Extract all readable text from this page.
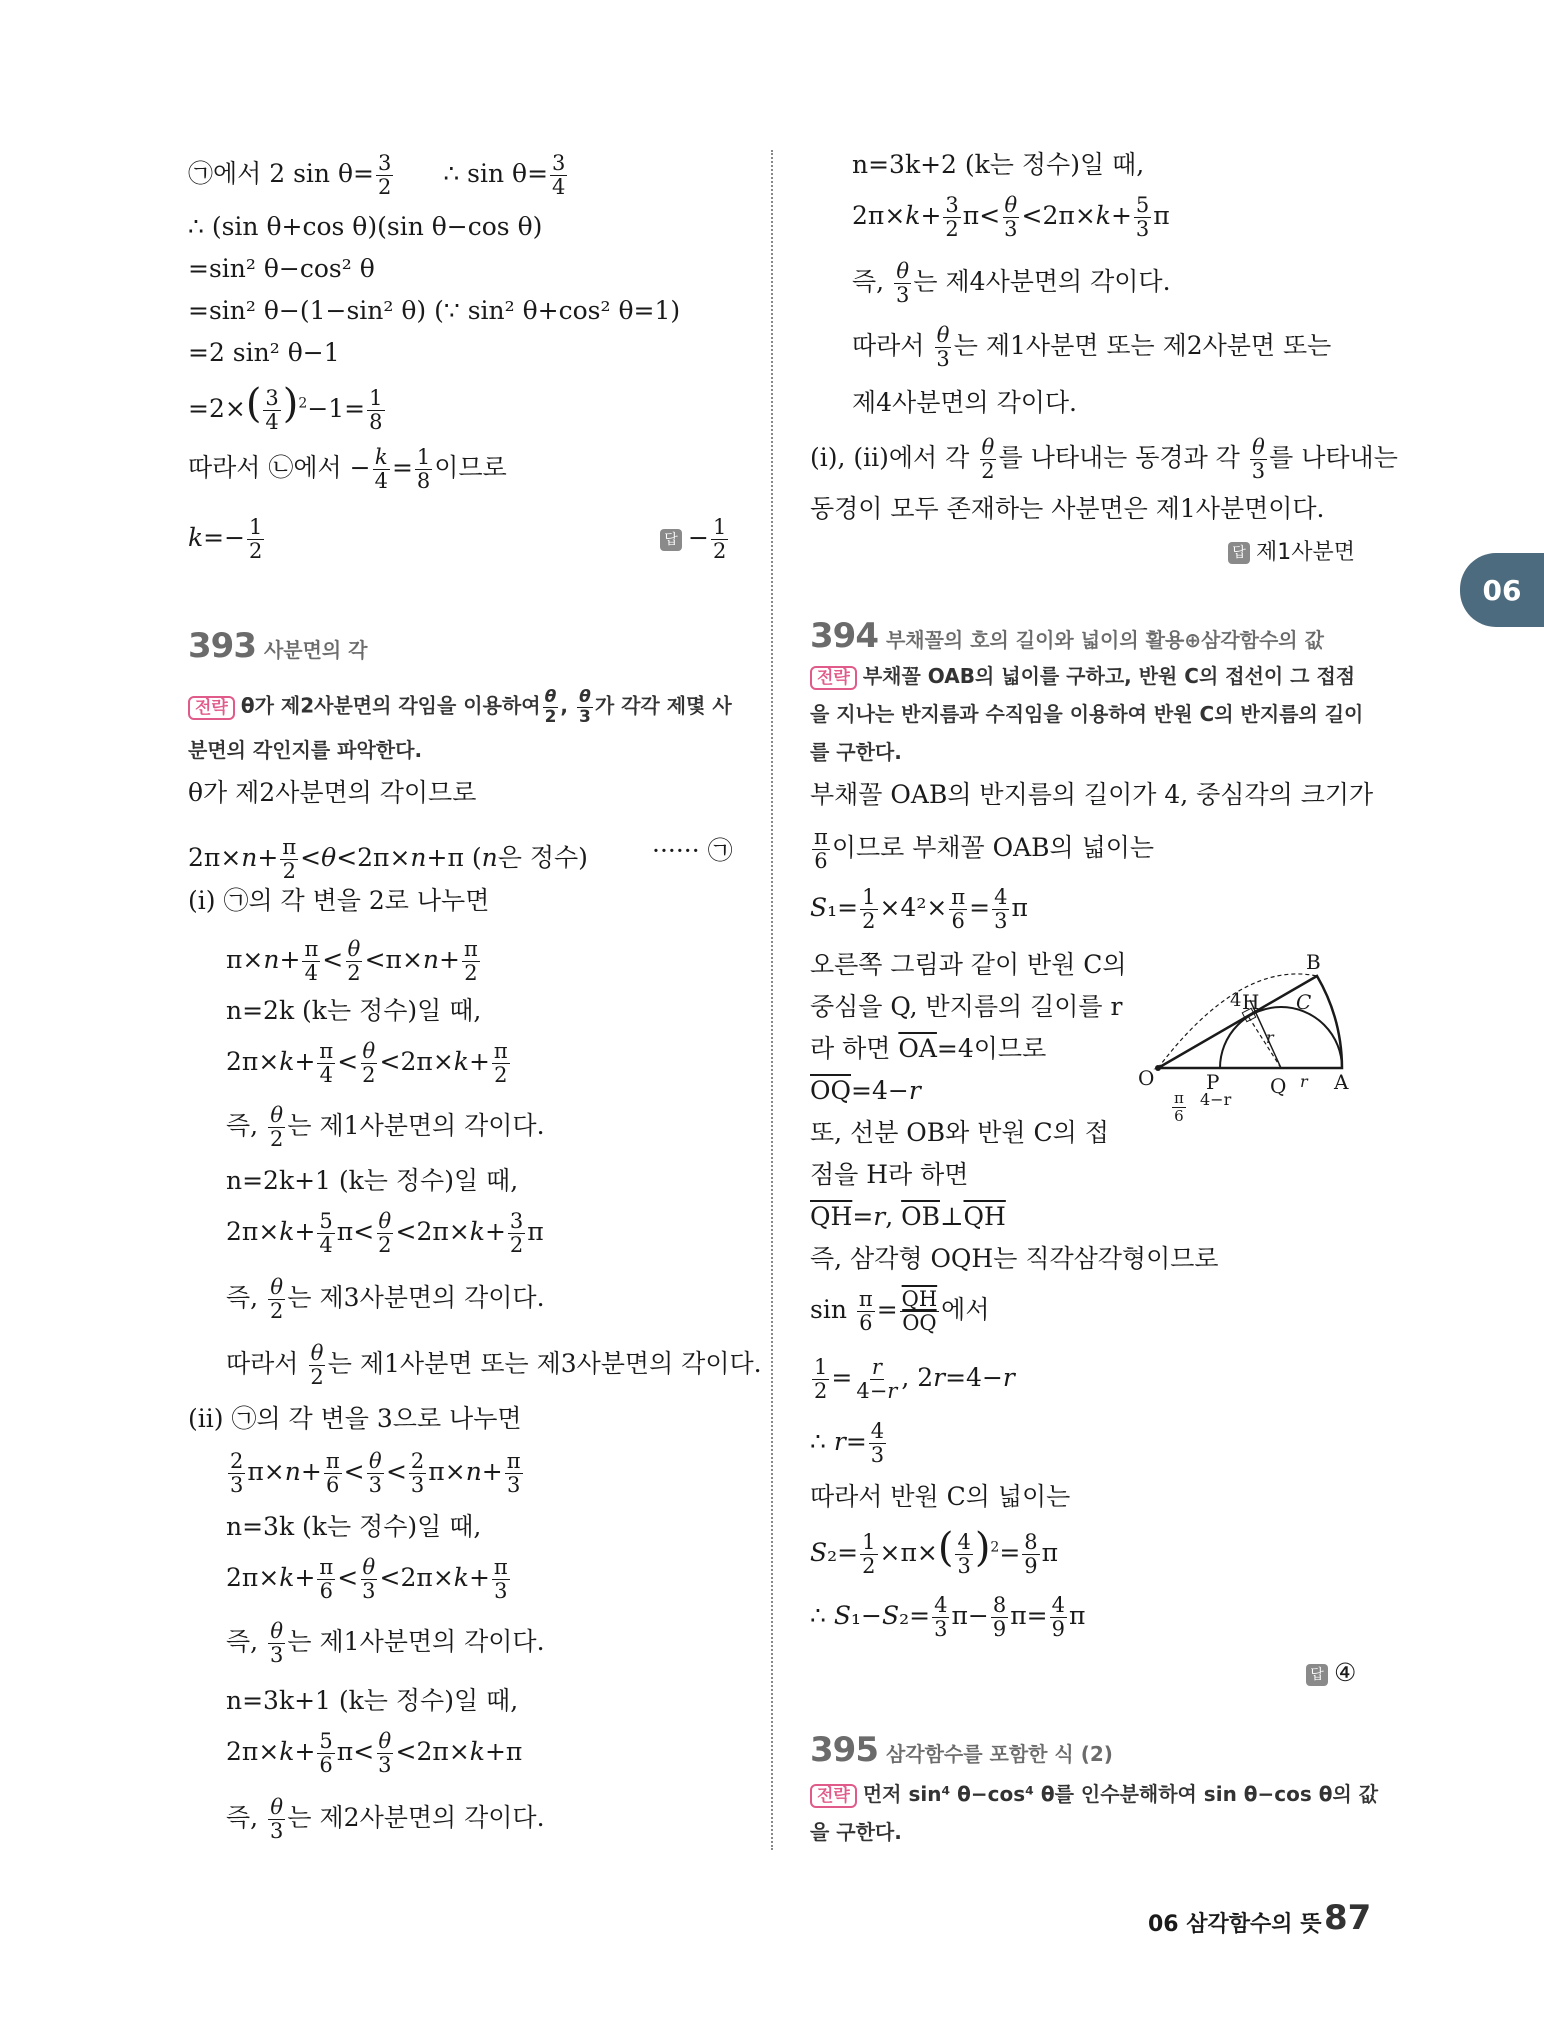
06
㉠에서 2 $\sin \theta= \frac{3}{2}$ ∴ $\sin \theta= \frac{3}{4}$
∴ (sin θ+cos θ)(sin θ−cos θ)
=sin² θ−cos² θ
=sin² θ−(1−sin² θ) (∵ sin² θ+cos² θ=1)
=2 sin² θ−1
$=2\times( \frac{3}{4} )^2-1= \frac{1}{8}$
따라서 ㉡에서 − $\frac{k}{4} = \frac{1}{8}$ 이므로
$k=- \frac{1}{2}$	답 − $\frac{1}{2}$
393 사분면의 각
전략 θ가 제2사분면의 각임을 이용하여 $\frac{\theta}{2}$ , $\frac{\theta}{3}$ 가 각각 제몇 사
분면의 각인지를 파악한다.
θ가 제2사분면의 각이므로
$2\pi\times n+ \frac{\pi}{2} <\theta<2\pi\times n+\pi$ (n은 정수)	······ ㉠
(i) ㉠의 각 변을 2로 나누면
$\pi\times n+ \frac{\pi}{4} < \frac{\theta}{2} <\pi\times n+ \frac{\pi}{2}$
n=2k (k는 정수)일 때,
$2\pi\times k+ \frac{\pi}{4} < \frac{\theta}{2} <2\pi\times k+ \frac{\pi}{2}$
즉, $\frac{\theta}{2}$ 는 제1사분면의 각이다.
n=2k+1 (k는 정수)일 때,
$2\pi\times k+ \frac{5}{4} \pi< \frac{\theta}{2} <2\pi\times k+ \frac{3}{2}$ π
즉, $\frac{\theta}{2}$ 는 제3사분면의 각이다.
따라서 $\frac{\theta}{2}$ 는 제1사분면 또는 제3사분면의 각이다.
(ii) ㉠의 각 변을 3으로 나누면
$\frac{2}{3} \pi\times n+ \frac{\pi}{6} < \frac{\theta}{3} < \frac{2}{3} \pi\times n+ \frac{\pi}{3}$
n=3k (k는 정수)일 때,
$2\pi\times k+ \frac{\pi}{6} < \frac{\theta}{3} <2\pi\times k+ \frac{\pi}{3}$
즉, $\frac{\theta}{3}$ 는 제1사분면의 각이다.
n=3k+1 (k는 정수)일 때,
$2\pi\times k+ \frac{5}{6} \pi< \frac{\theta}{3} <2\pi\times k+\pi$
즉, $\frac{\theta}{3}$ 는 제2사분면의 각이다.
n=3k+2 (k는 정수)일 때,
$2\pi\times k+ \frac{3}{2} \pi< \frac{\theta}{3} <2\pi\times k+ \frac{5}{3}$ π
즉, $\frac{\theta}{3}$ 는 제4사분면의 각이다.
따라서 $\frac{\theta}{3}$ 는 제1사분면 또는 제2사분면 또는
제4사분면의 각이다.
(i), (ii)에서 각 $\frac{\theta}{2}$ 를 나타내는 동경과 각 $\frac{\theta}{3}$ 를 나타내는
동경이 모두 존재하는 사분면은 제1사분면이다.
답 제1사분면
394 부채꼴의 호의 길이와 넓이의 활용⊕삼각함수의 값
전략 부채꼴 OAB의 넓이를 구하고, 반원 C의 접선이 그 접점
을 지나는 반지름과 수직임을 이용하여 반원 C의 반지름의 길이
를 구한다.
부채꼴 OAB의 반지름의 길이가 4, 중심각의 크기가
$\frac{\pi}{6}$ 이므로 부채꼴 OAB의 넓이는
$S_1= \frac{1}{2} \times 4^2\times \frac{\pi}{6} = \frac{4}{3}$ π
오른쪽 그림과 같이 반원 C의
중심을 Q, 반지름의 길이를 r
라 하면 $\overline{OA}=4$이므로
$\overline{OQ}=4-r$
또, 선분 OB와 반원 C의 접
점을 H라 하면
$\overline{QH}=r$, $\overline{OB}\perp\overline{QH}$
즉, 삼각형 OQH는 직각삼각형이므로
$\sin \frac{\pi}{6} = \frac{\overline{QH}}{OQ}$ 에서
$\frac{1}{2} = \frac{r}{4-r}$ , 2r=4−r
∴ $r= \frac{4}{3}$
따라서 반원 C의 넓이는
$S_2= \frac{1}{2} \times\pi\times( \frac{4}{3} )^2= \frac{8}{9}$ π
∴ $S_1-S_2= \frac{4}{3} \pi- \frac{8}{9} \pi= \frac{4}{9}$ π
답 ④
B
4 H C
r
O	P	Q r A
4−r
$\frac{\pi}{6}$
395 삼각함수를 포함한 식 (2)
전략 먼저 sin⁴ θ−cos⁴ θ를 인수분해하여 sin θ−cos θ의 값
을 구한다.
06 삼각함수의 뜻 87
